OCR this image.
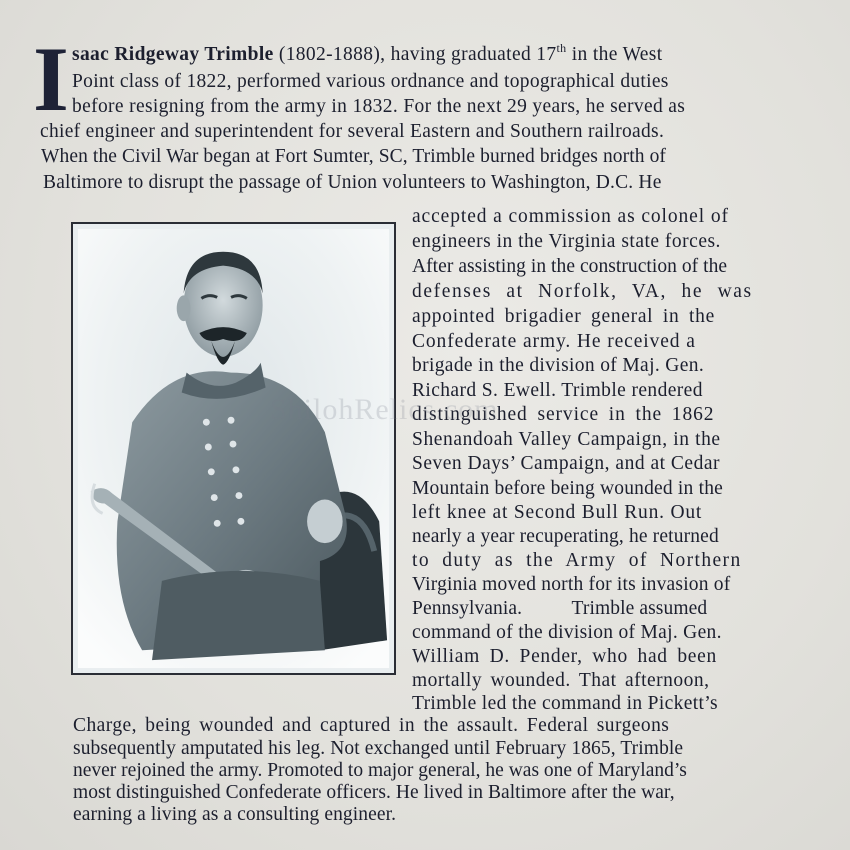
I saac Ridgeway Trimble (1802-1888), having graduated 17th in the West
Point class of 1822, performed various ordnance and topographical duties
before resigning from the army in 1832. For the next 29 years, he served as
chief engineer and superintendent for several Eastern and Southern railroads.
When the Civil War began at Fort Sumter, SC, Trimble burned bridges north of
Baltimore to disrupt the passage of Union volunteers to Washington, D.C. He
accepted a commission as colonel of
engineers in the Virginia state forces.
After assisting in the construction of the
defenses at Norfolk, VA, he was
appointed brigadier general in the
Confederate army. He received a
brigade in the division of Maj. Gen.
Richard S. Ewell. Trimble rendered
distinguished service in the 1862
Shenandoah Valley Campaign, in the
Seven Days’ Campaign, and at Cedar
Mountain before being wounded in the
left knee at Second Bull Run. Out
nearly a year recuperating, he returned
to duty as the Army of Northern
Virginia moved north for its invasion of
Pennsylvania.          Trimble assumed
command of the division of Maj. Gen.
William D. Pender, who had been
mortally wounded. That afternoon,
Trimble led the command in Pickett’s
Charge, being wounded and captured in the assault. Federal surgeons
subsequently amputated his leg. Not exchanged until February 1865, Trimble
never rejoined the army. Promoted to major general, he was one of Maryland’s
most distinguished Confederate officers. He lived in Baltimore after the war,
earning a living as a consulting engineer.
ShilohRelics.com
